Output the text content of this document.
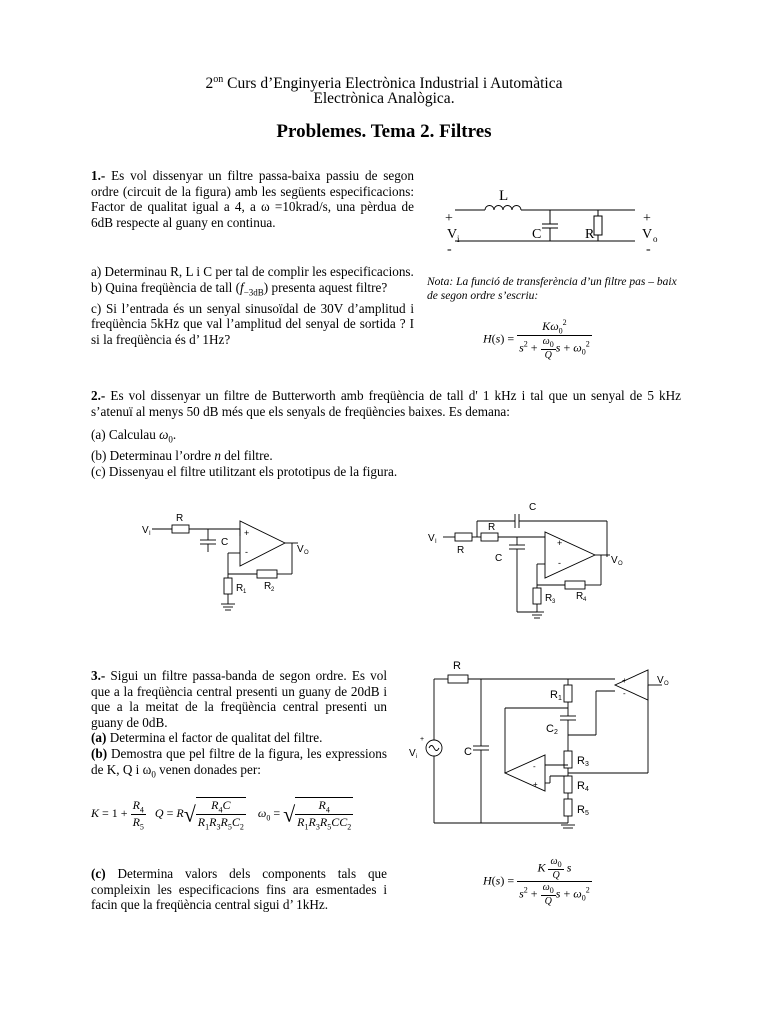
$2^{on}$ Curs d’Enginyeria Electrònica Industrial i Automàtica
Electrònica Analògica.
Problemes. Tema 2. Filtres
1.- Es vol dissenyar un filtre passa-baixa passiu de segon ordre (circuit de la figura) amb les següents especificacions: Factor de qualitat igual a 4, a ω =10krad/s, una pèrdua de 6dB respecte al guany en continua.
a) Determinau R, L i C per tal de complir les especificacions.
b) Quina freqüència de tall $(f_{-3dB})$ presenta aquest filtre?
c) Si l’entrada és un senyal sinusoïdal de 30V d’amplitud i freqüència 5kHz que val l’amplitud del senyal de sortida ? I si la freqüència és d’ 1Hz?
L
+
V i
-
C	R
+
V o
-
Nota: La funció de transferència d’un filtre pas – baix de segon ordre s’escriu:
$H(s) = \frac{K\omega_0^2}{s^2 + \frac{\omega_0}{Q} s + \omega_0^2}$
2.- Es vol dissenyar un filtre de Butterworth amb freqüència de tall d' 1 kHz i tal que un senyal de 5 kHz s’atenuï al menys 50 dB més que els senyals de freqüències baixes. Es demana:
(a) Calculau $\omega_0$.
(b) Determinau l’ordre n del filtre.
(c) Dissenyau el filtre utilitzant els prototipus de la figura.
V I
R
C
+
-	V O
R 1 R 2
V I
R
R
C
C
+
-	V O
R 3 R 4
3.- Sigui un filtre passa-banda de segon ordre. Es vol que a la freqüència central presenti un guany de 20dB i que a la meitat de la freqüència central presenti un guany de 0dB.
(a) Determina el factor de qualitat del filtre.
(b) Demostra que pel filtre de la figura, les expressions de K, Q i $\omega_0$ venen donades per:
$K = 1 + \frac{R_4}{R_5}$ $Q = R√ \frac{R_4C}{R_1R_3R_5C_2} \omega_0$ = √ $\frac{R_4}{R_1R_3R_5CC_2}$
(c) Determina valors dels components tals que compleixin les especificacions fins ara esmentades i facin que la freqüència central sigui d’ 1kHz.
R
C
+
V i
R 1
C 2
R 3
R 4
R 5
+
-
-
+
V O
$H(s) = \frac{K \frac{\omega_0}{Q} s}{s^2 + \frac{\omega_0}{Q} s + \omega_0^2}$
